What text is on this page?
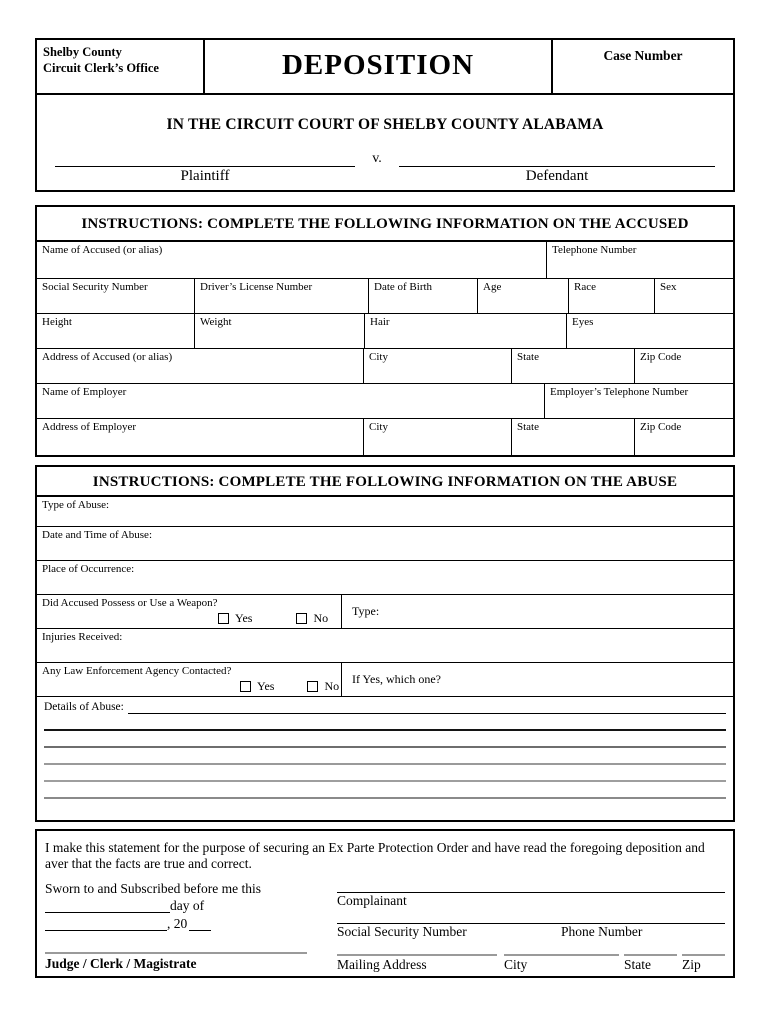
Shelby County
Circuit Clerk’s Office	DEPOSITION	Case Number
IN THE CIRCUIT COURT OF SHELBY COUNTY ALABAMA
v.
Plaintiff	Defendant
INSTRUCTIONS: COMPLETE THE FOLLOWING INFORMATION ON THE ACCUSED
Name of Accused (or alias)	Telephone Number
Social Security Number	Driver’s License Number	Date of Birth	Age	Race	Sex
Height	Weight	Hair	Eyes
Address of Accused (or alias)	City	State	Zip Code
Name of Employer	Employer’s Telephone Number
Address of Employer	City	State	Zip Code
INSTRUCTIONS: COMPLETE THE FOLLOWING INFORMATION ON THE ABUSE
Type of Abuse:
Date and Time of Abuse:
Place of Occurrence:
Did Accused Possess or Use a Weapon?
Yes	No Type:
Injuries Received:
Any Law Enforcement Agency Contacted?
Yes	No If Yes, which one?
Details of Abuse:
I make this statement for the purpose of securing an Ex Parte Protection Order and have read the foregoing deposition and aver that the facts are true and correct.
Sworn to and Subscribed before me this
day of
, 20
Judge / Clerk / Magistrate
Complainant
Social Security Number	Phone Number
Mailing Address	City	State	Zip
